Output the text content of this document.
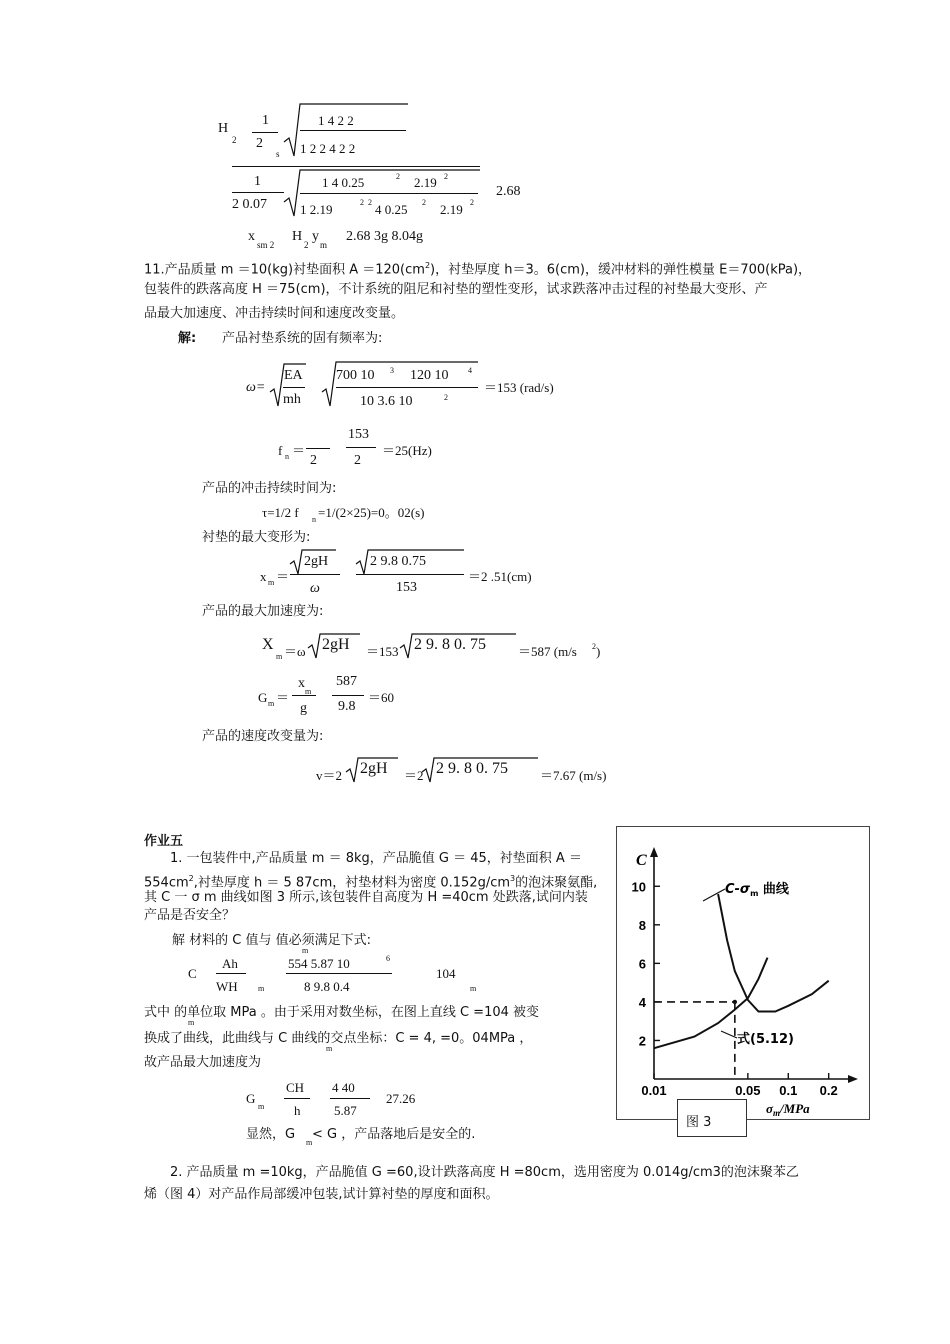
H
2
1
2
s
1 4 2 2
1 2 2 4 2 2
1
2 0.07
1 4 0.25	2 2.19 2
1 2.19	2 2 4 0.25 2 2.19 2
2.68
x
sm 2
H
2
y
m
2.68 3g 8.04g
11.产品质量 m ＝10(kg)衬垫面积 $A =120(cm^2)$，衬垫厚度 h＝3。6(cm)，缓冲材料的弹性模量 E＝700(kPa)，
包装件的跌落高度 H ＝75(cm)，不计系统的阻尼和衬垫的塑性变形，试求跌落冲击过程的衬垫最大变形、产
品最大加速度、冲击持续时间和速度改变量。
解: 产品衬垫系统的固有频率为:
ω=
EA
mh
700 10 3 120 10 4
10 3.6 10	2
＝153 (rad/s)
f n ＝
2
153
2
＝25(Hz)
产品的冲击持续时间为:
τ=1/2 f n =1/(2×25)=0。02(s)
衬垫的最大变形为:
x m ＝
2gH
ω
2 9.8 0.75
153
＝2 .51(cm)
产品的最大加速度为:
X
m ＝ω 2gH ＝153 2 9. 8 0. 75 ＝587 (m/s 2 )
G m ＝
x
m
g
587
9.8
＝60
产品的速度改变量为:
v＝2 2gH ＝2 2 9. 8 0. 75 ＝7.67 (m/s)
作业五
1. 一包装件中,产品质量 m ＝ 8kg，产品脆值 G ＝ 45，衬垫面积 A ＝
$554cm^2$,衬垫厚度 h ＝ 5 87cm，衬垫材料为密度 $0.152g/cm^3$的泡沫聚氨酯,
其 C 一 σ m 曲线如图 3 所示,该包装件自高度为 H =40cm 处跌落,试问内装
产品是否安全？
解 材料的 C 值与 值必须满足下式:
m
C
Ah
WH	m
554 5.87 10	6
8 9.8 0.4
104
m
式中 的单位取 MPa 。由于采用对数坐标，在图上直线 C =104 被变
m
换成了曲线，此曲线与 C 曲线的交点坐标：C = 4, =0。04MPa ，
m
故产品最大加速度为
G
m
CH
h
4 40
5.87
27.26
显然，G
m
< G ，产品落地后是安全的.
2. 产品质量 m =10kg，产品脆值 G =60,设计跌落高度 H =80cm，选用密度为 0.014g/cm3的泡沫聚苯乙
烯（图 4）对产品作局部缓冲包装,试计算衬垫的厚度和面积。
C
2
4
6
8
10
0.01	0.05 0.1 0.2
$\sigma_m$/MPa
$C-\sigma_m$ 曲线
式(5.12)
图 3
